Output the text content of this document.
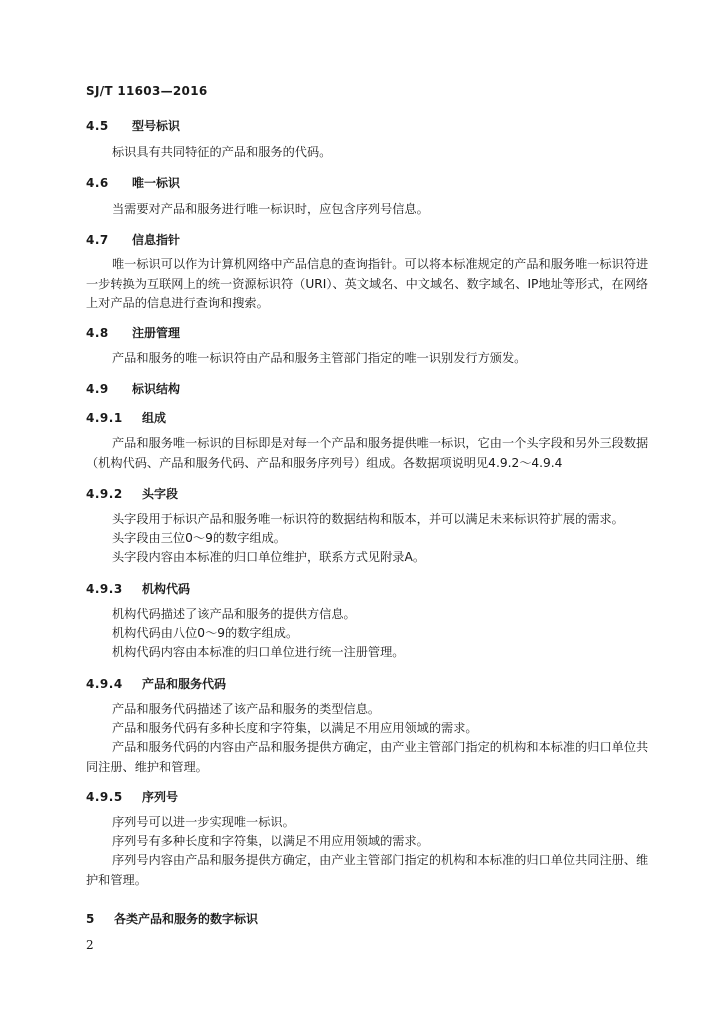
SJ/T 11603—2016
4.5 型号标识
标识具有共同特征的产品和服务的代码。
4.6 唯一标识
当需要对产品和服务进行唯一标识时，应包含序列号信息。
4.7 信息指针
唯一标识可以作为计算机网络中产品信息的查询指针。可以将本标准规定的产品和服务唯一标识符进一步转换为互联网上的统一资源标识符（URI）、英文域名、中文域名、数字域名、IP地址等形式，在网络上对产品的信息进行查询和搜索。
4.8 注册管理
产品和服务的唯一标识符由产品和服务主管部门指定的唯一识别发行方颁发。
4.9 标识结构
4.9.1 组成
产品和服务唯一标识的目标即是对每一个产品和服务提供唯一标识，它由一个头字段和另外三段数据（机构代码、产品和服务代码、产品和服务序列号）组成。各数据项说明见4.9.2～4.9.4
4.9.2 头字段
头字段用于标识产品和服务唯一标识符的数据结构和版本，并可以满足未来标识符扩展的需求。
头字段由三位0～9的数字组成。
头字段内容由本标准的归口单位维护，联系方式见附录A。
4.9.3 机构代码
机构代码描述了该产品和服务的提供方信息。
机构代码由八位0～9的数字组成。
机构代码内容由本标准的归口单位进行统一注册管理。
4.9.4 产品和服务代码
产品和服务代码描述了该产品和服务的类型信息。
产品和服务代码有多种长度和字符集，以满足不用应用领域的需求。
产品和服务代码的内容由产品和服务提供方确定，由产业主管部门指定的机构和本标准的归口单位共同注册、维护和管理。
4.9.5 序列号
序列号可以进一步实现唯一标识。
序列号有多种长度和字符集，以满足不用应用领域的需求。
序列号内容由产品和服务提供方确定，由产业主管部门指定的机构和本标准的归口单位共同注册、维护和管理。
5 各类产品和服务的数字标识
2
